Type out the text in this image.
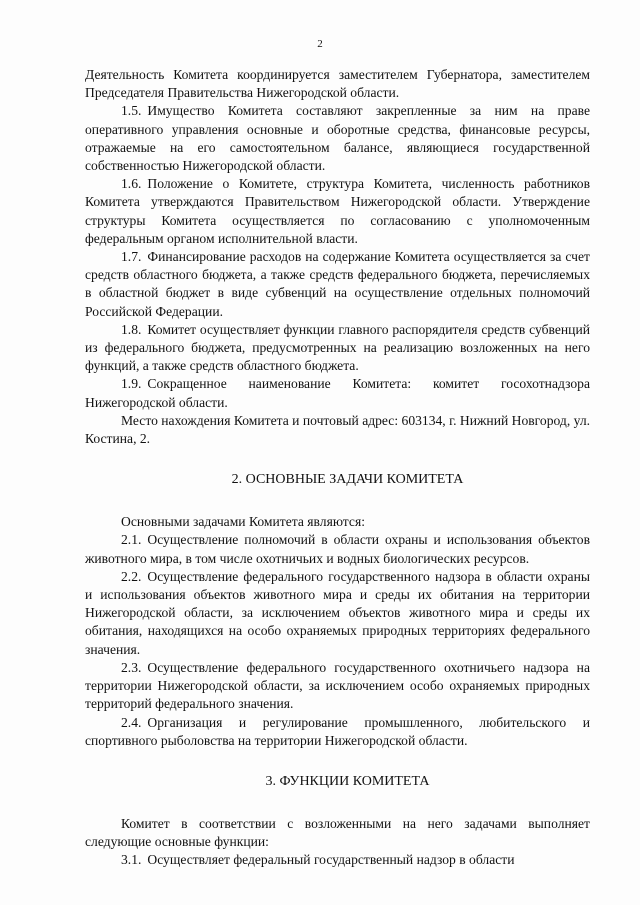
2

Деятельность Комитета координируется заместителем Губернатора, заместителем Председателя Правительства Нижегородской области.

1.5. Имущество Комитета составляют закрепленные за ним на праве оперативного управления основные и оборотные средства, финансовые ресурсы, отражаемые на его самостоятельном балансе, являющиеся государственной собственностью Нижегородской области.

1.6. Положение о Комитете, структура Комитета, численность работников Комитета утверждаются Правительством Нижегородской области. Утверждение структуры Комитета осуществляется по согласованию с уполномоченным федеральным органом исполнительной власти.

1.7. Финансирование расходов на содержание Комитета осуществляется за счет средств областного бюджета, а также средств федерального бюджета, перечисляемых в областной бюджет в виде субвенций на осуществление отдельных полномочий Российской Федерации.

1.8. Комитет осуществляет функции главного распорядителя средств субвенций из федерального бюджета, предусмотренных на реализацию возложенных на него функций, а также средств областного бюджета.

1.9. Сокращенное наименование Комитета: комитет госохотнадзора Нижегородской области.

Место нахождения Комитета и почтовый адрес: 603134, г. Нижний Новгород, ул. Костина, 2.

2. ОСНОВНЫЕ ЗАДАЧИ КОМИТЕТА

Основными задачами Комитета являются:

2.1. Осуществление полномочий в области охраны и использования объектов животного мира, в том числе охотничьих и водных биологических ресурсов.

2.2. Осуществление федерального государственного надзора в области охраны и использования объектов животного мира и среды их обитания на территории Нижегородской области, за исключением объектов животного мира и среды их обитания, находящихся на особо охраняемых природных территориях федерального значения.

2.3. Осуществление федерального государственного охотничьего надзора на территории Нижегородской области, за исключением особо охраняемых природных территорий федерального значения.

2.4. Организация и регулирование промышленного, любительского и спортивного рыболовства на территории Нижегородской области.

3. ФУНКЦИИ КОМИТЕТА

Комитет в соответствии с возложенными на него задачами выполняет следующие основные функции:

3.1. Осуществляет федеральный государственный надзор в области
